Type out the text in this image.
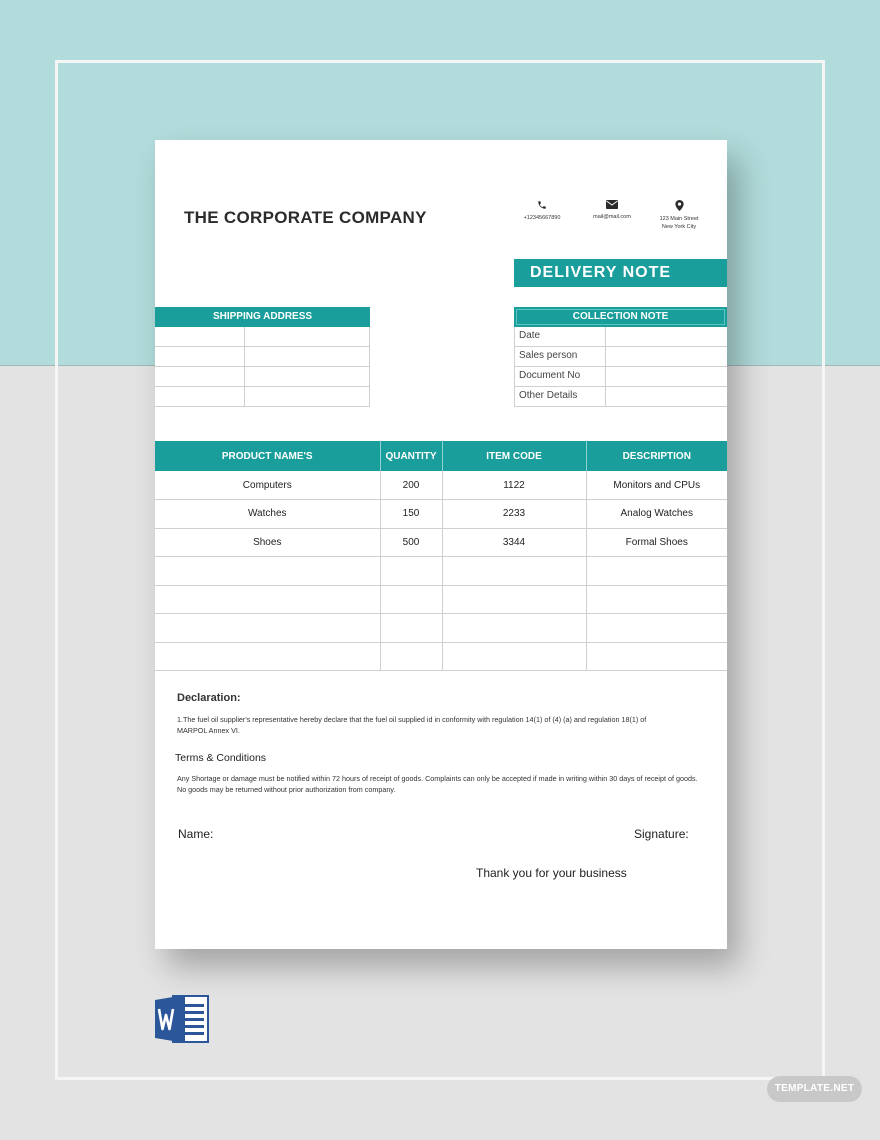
THE CORPORATE COMPANY	+12345667890	mail@mail.com	123 Main Street
New York City
DELIVERY NOTE
SHIPPING ADDRESS	COLLECTION NOTE
Date
Sales person
Document No
Other Details
PRODUCT NAME'S	QUANTITY	ITEM CODE	DESCRIPTION
Computers	200	1122	Monitors and CPUs
Watches	150	2233	Analog Watches
Shoes	500	3344	Formal Shoes

Declaration:
1.The fuel oil supplier's representative hereby declare that the fuel oil supplied id in conformity with regulation 14(1) of (4) (a) and regulation 18(1) of MARPOL Annex VI.
Terms & Conditions
Any Shortage or damage must be notified within 72 hours of receipt of goods. Complaints can only be accepted if made in writing within 30 days of receipt of goods. No goods may be returned without prior authorization from company.
Name:	Signature:
Thank you for your business
TEMPLATE.NET
